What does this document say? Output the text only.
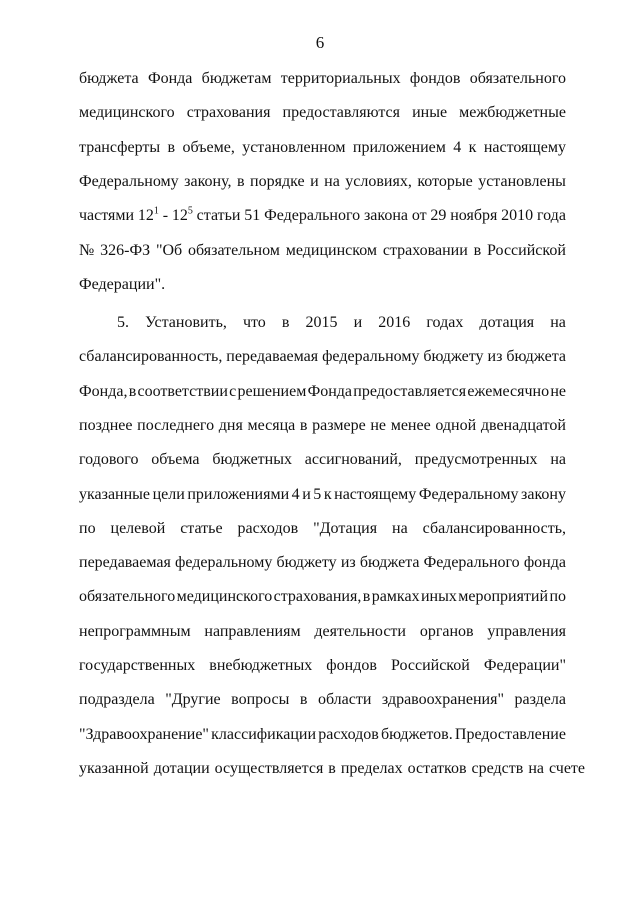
6
бюджета Фонда бюджетам территориальных фондов обязательного
медицинского страхования предоставляются иные межбюджетные
трансферты в объеме, установленном приложением 4 к настоящему
Федеральному закону, в порядке и на условиях, которые установлены
частями $12^1 - 12^5$ статьи 51 Федерального закона от 29 ноября 2010 года
№ 326-ФЗ "Об обязательном медицинском страховании в Российской
Федерации".
5. Установить, что в 2015 и 2016 годах дотация на
сбалансированность, передаваемая федеральному бюджету из бюджета
Фонда, в соответствии с решением Фонда предоставляется ежемесячно не
позднее последнего дня месяца в размере не менее одной двенадцатой
годового объема бюджетных ассигнований, предусмотренных на
указанные цели приложениями 4 и 5 к настоящему Федеральному закону
по целевой статье расходов "Дотация на сбалансированность,
передаваемая федеральному бюджету из бюджета Федерального фонда
обязательного медицинского страхования, в рамках иных мероприятий по
непрограммным направлениям деятельности органов управления
государственных внебюджетных фондов Российской Федерации"
подраздела "Другие вопросы в области здравоохранения" раздела
"Здравоохранение" классификации расходов бюджетов. Предоставление
указанной дотации осуществляется в пределах остатков средств на счете
